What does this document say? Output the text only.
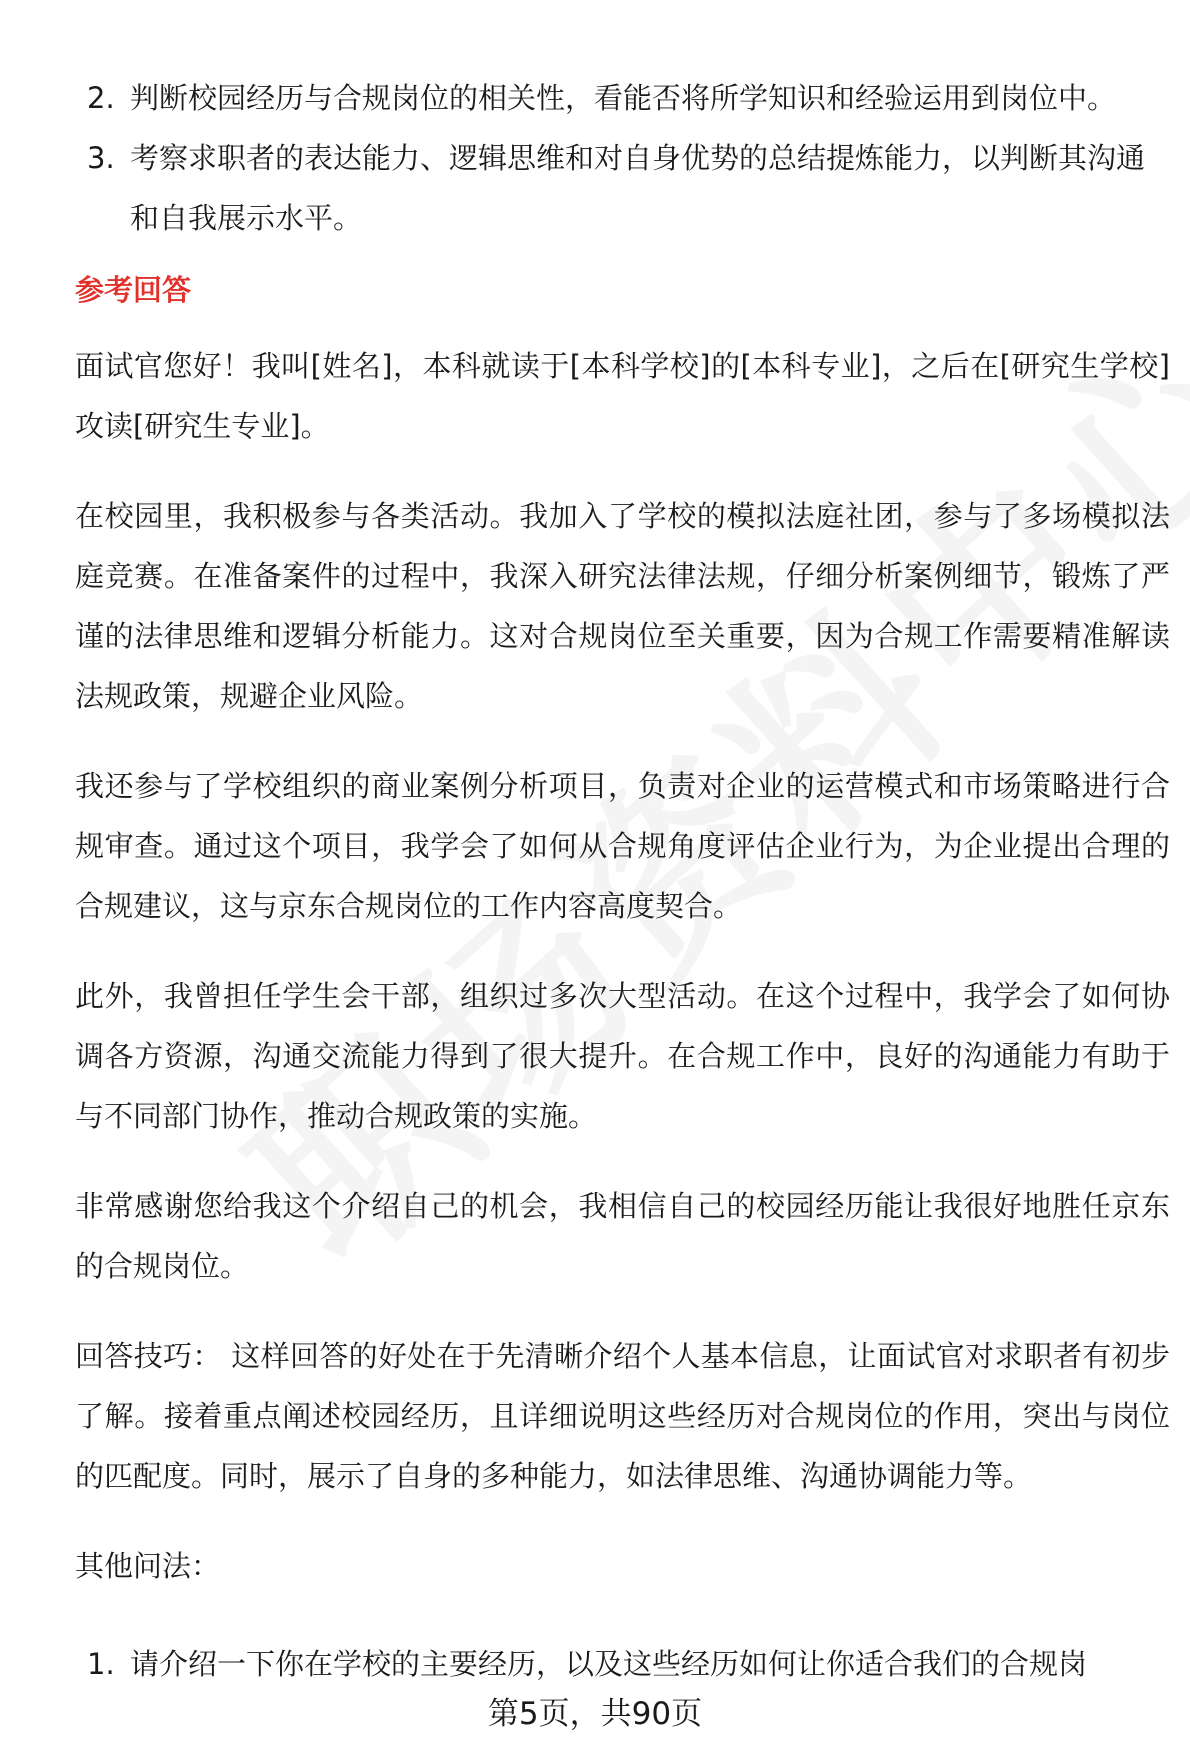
2. 判断校园经历与合规岗位的相关性，看能否将所学知识和经验运用到岗位中。
3. 考察求职者的表达能力、逻辑思维和对自身优势的总结提炼能力，以判断其沟通和自我展示水平。
参考回答

面试官您好！我叫[姓名]，本科就读于[本科学校]的[本科专业]，之后在[研究生学校]攻读[研究生专业]。

在校园里，我积极参与各类活动。我加入了学校的模拟法庭社团，参与了多场模拟法庭竞赛。在准备案件的过程中，我深入研究法律法规，仔细分析案例细节，锻炼了严谨的法律思维和逻辑分析能力。这对合规岗位至关重要，因为合规工作需要精准解读法规政策，规避企业风险。

我还参与了学校组织的商业案例分析项目，负责对企业的运营模式和市场策略进行合规审查。通过这个项目，我学会了如何从合规角度评估企业行为，为企业提出合理的合规建议，这与京东合规岗位的工作内容高度契合。

此外，我曾担任学生会干部，组织过多次大型活动。在这个过程中，我学会了如何协调各方资源，沟通交流能力得到了很大提升。在合规工作中，良好的沟通能力有助于与不同部门协作，推动合规政策的实施。

非常感谢您给我这个介绍自己的机会，我相信自己的校园经历能让我很好地胜任京东的合规岗位。

回答技巧： 这样回答的好处在于先清晰介绍个人基本信息，让面试官对求职者有初步了解。接着重点阐述校园经历，且详细说明这些经历对合规岗位的作用，突出与岗位的匹配度。同时，展示了自身的多种能力，如法律思维、沟通协调能力等。

其他问法：

1. 请介绍一下你在学校的主要经历，以及这些经历如何让你适合我们的合规岗
第5页，共90页
